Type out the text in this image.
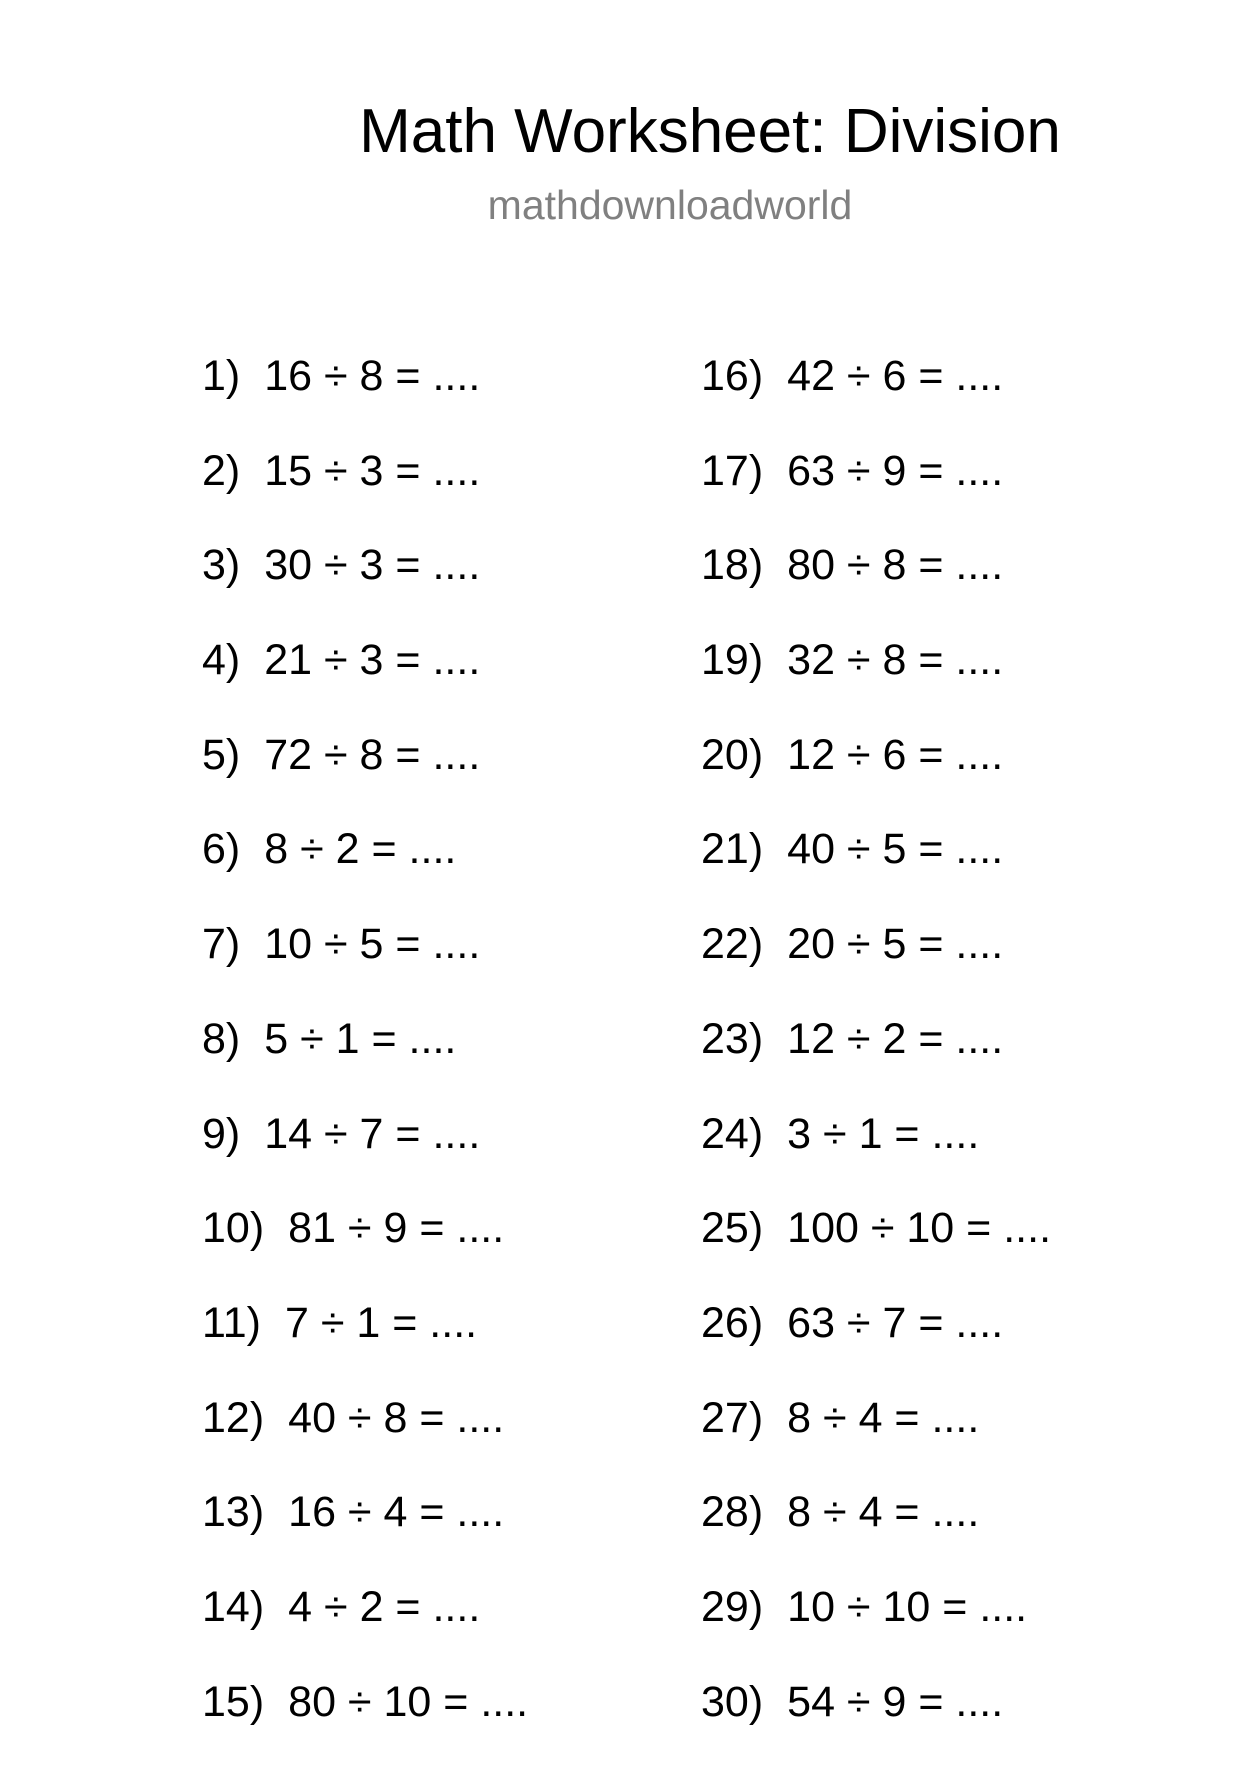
Math Worksheet: Division
mathdownloadworld
1) 16 ÷ 8 = ....
2) 15 ÷ 3 = ....
3) 30 ÷ 3 = ....
4) 21 ÷ 3 = ....
5) 72 ÷ 8 = ....
6) 8 ÷ 2 = ....
7) 10 ÷ 5 = ....
8) 5 ÷ 1 = ....
9) 14 ÷ 7 = ....
10) 81 ÷ 9 = ....
11) 7 ÷ 1 = ....
12) 40 ÷ 8 = ....
13) 16 ÷ 4 = ....
14) 4 ÷ 2 = ....
15) 80 ÷ 10 = ....
16) 42 ÷ 6 = ....
17) 63 ÷ 9 = ....
18) 80 ÷ 8 = ....
19) 32 ÷ 8 = ....
20) 12 ÷ 6 = ....
21) 40 ÷ 5 = ....
22) 20 ÷ 5 = ....
23) 12 ÷ 2 = ....
24) 3 ÷ 1 = ....
25) 100 ÷ 10 = ....
26) 63 ÷ 7 = ....
27) 8 ÷ 4 = ....
28) 8 ÷ 4 = ....
29) 10 ÷ 10 = ....
30) 54 ÷ 9 = ....
